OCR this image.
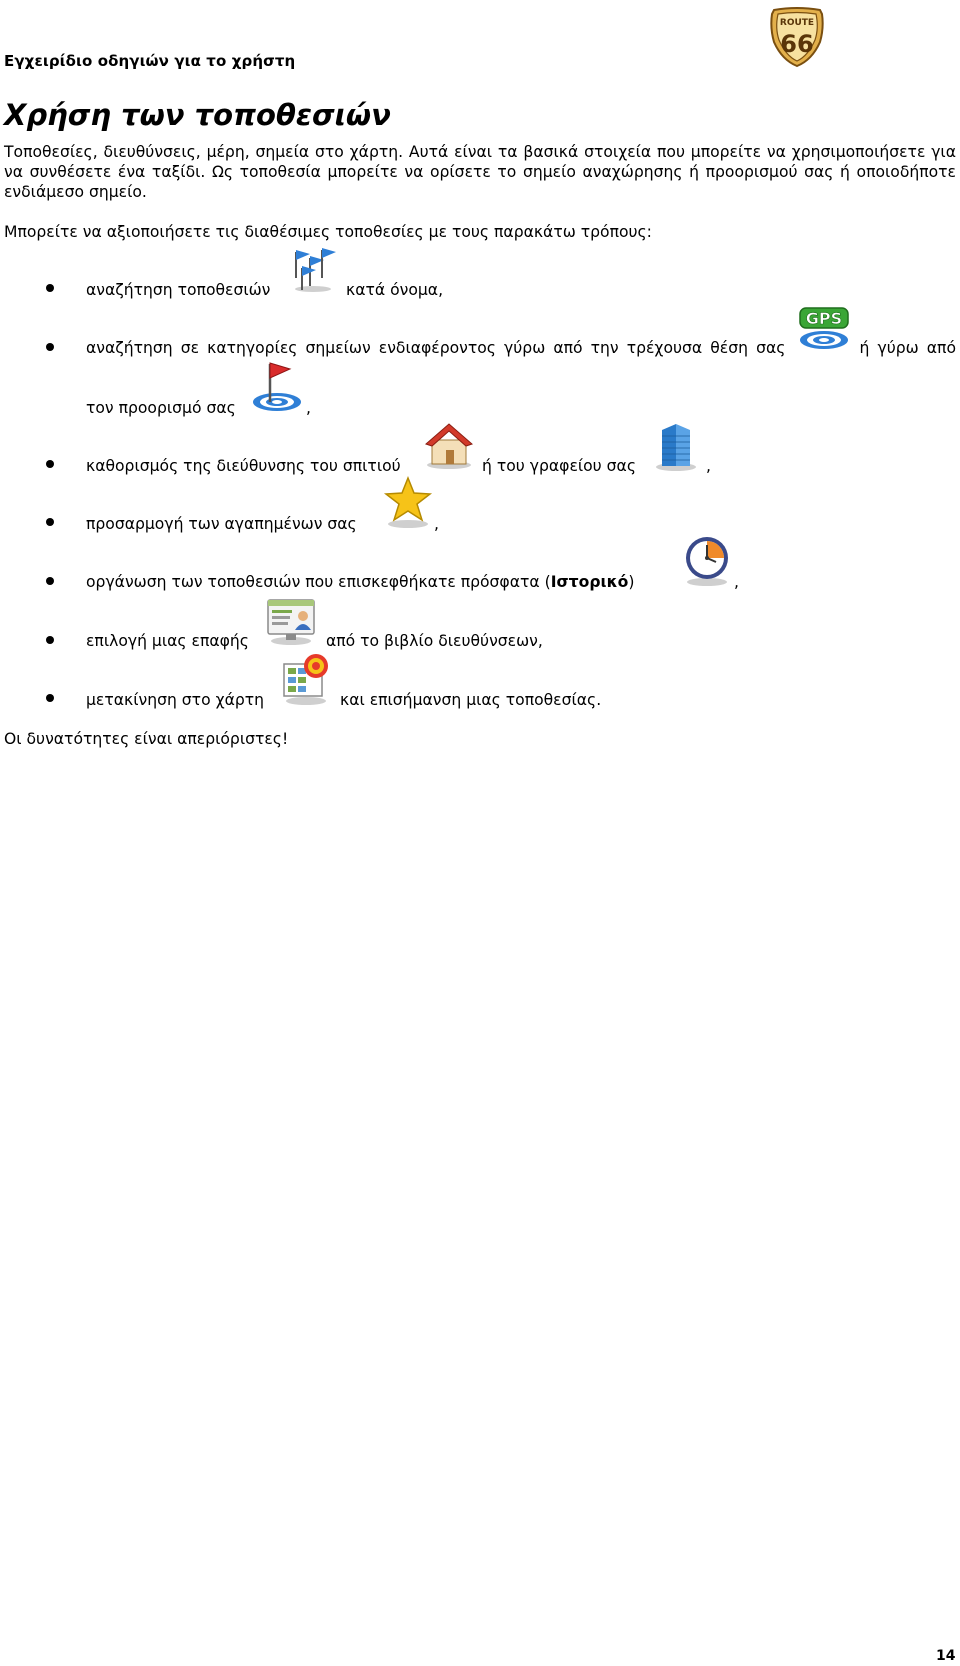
Εγχειρίδιο οδηγιών για το χρήστη
ROUTE
66
Χρήση των τοποθεσιών
Τοποθεσίες, διευθύνσεις, μέρη, σημεία στο χάρτη. Αυτά είναι τα βασικά στοιχεία που μπορείτε να χρησιμοποιήσετε για να συνθέσετε ένα ταξίδι. Ως τοποθεσία μπορείτε να ορίσετε το σημείο αναχώρησης ή προορισμού σας ή οποιοδήποτε ενδιάμεσο σημείο.
Μπορείτε να αξιοποιήσετε τις διαθέσιμες τοποθεσίες με τους παρακάτω τρόπους:
αναζήτηση τοποθεσιών	κατά όνομα,
αναζήτηση σε κατηγορίες σημείων ενδιαφέροντος γύρω από την τρέχουσα θέση σας	ή γύρω από
GPS
τον προορισμό σας	,
καθορισμός της διεύθυνσης του σπιτιού	ή του γραφείου σας	,
προσαρμογή των αγαπημένων σας	,
οργάνωση των τοποθεσιών που επισκεφθήκατε πρόσφατα (Ιστορικό)	,
επιλογή μιας επαφής	από το βιβλίο διευθύνσεων,
μετακίνηση στο χάρτη	και επισήμανση μιας τοποθεσίας.
Οι δυνατότητες είναι απεριόριστες!
14
